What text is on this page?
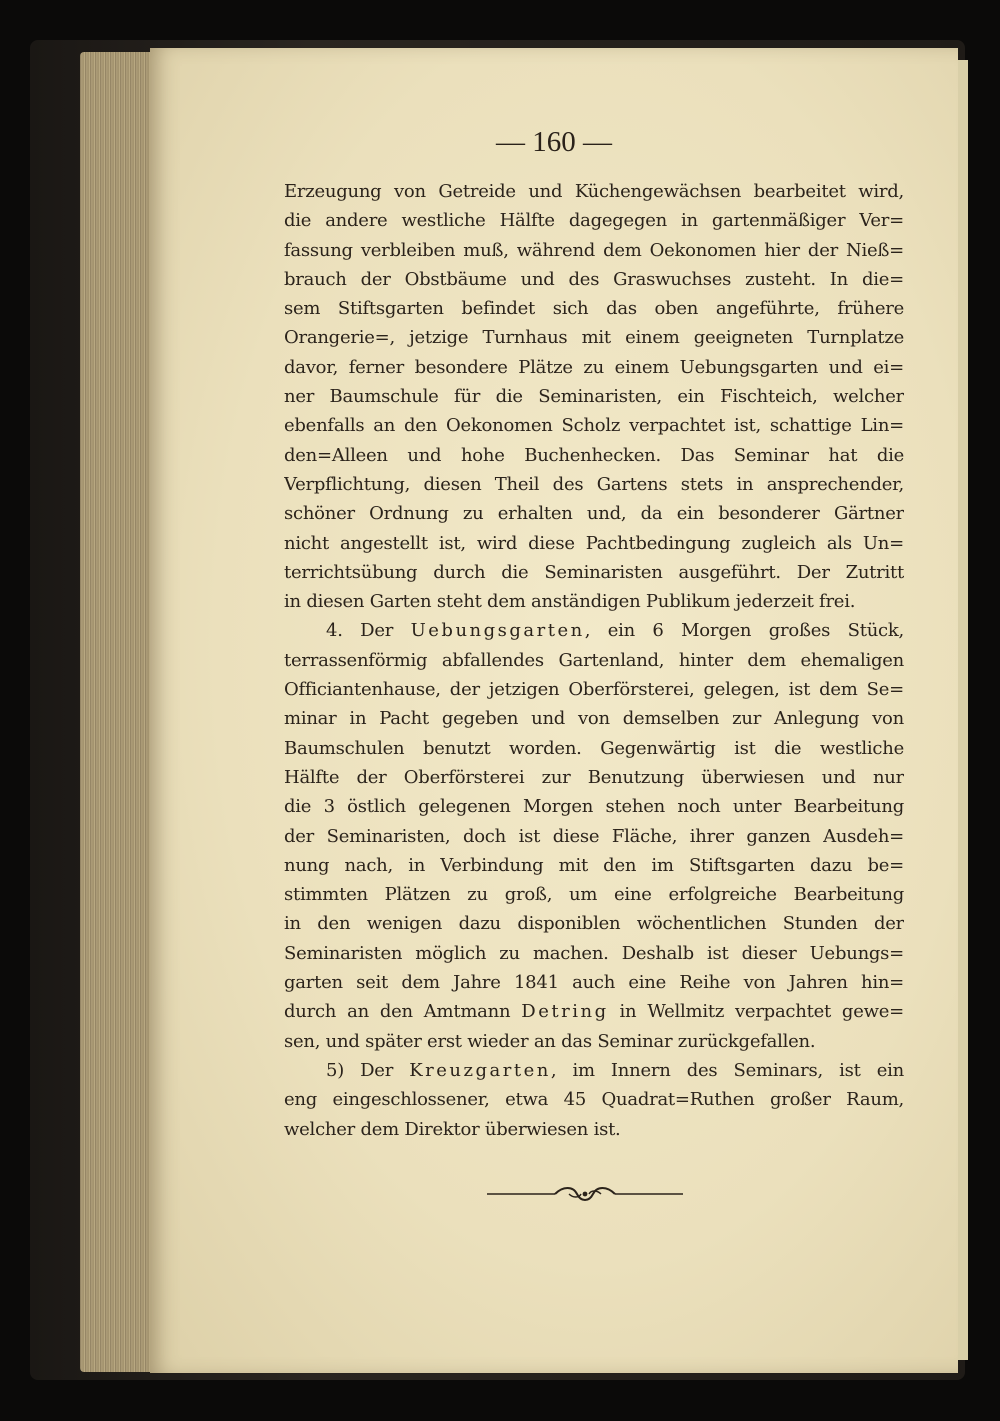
— 160 —

Erzeugung von Getreide und Küchengewächsen bearbeitet wird,
die andere westliche Hälfte dagegegen in gartenmäßiger Ver=
fassung verbleiben muß, während dem Oekonomen hier der Nieß=
brauch der Obstbäume und des Graswuchses zusteht. In die=
sem Stiftsgarten befindet sich das oben angeführte, frühere
Orangerie=, jetzige Turnhaus mit einem geeigneten Turnplatze
davor, ferner besondere Plätze zu einem Uebungsgarten und ei=
ner Baumschule für die Seminaristen, ein Fischteich, welcher
ebenfalls an den Oekonomen Scholz verpachtet ist, schattige Lin=
den=Alleen und hohe Buchenhecken. Das Seminar hat die
Verpflichtung, diesen Theil des Gartens stets in ansprechender,
schöner Ordnung zu erhalten und, da ein besonderer Gärtner
nicht angestellt ist, wird diese Pachtbedingung zugleich als Un=
terrichtsübung durch die Seminaristen ausgeführt. Der Zutritt
in diesen Garten steht dem anständigen Publikum jederzeit frei.
4. Der Uebungsgarten, ein 6 Morgen großes Stück,
terrassenförmig abfallendes Gartenland, hinter dem ehemaligen
Officiantenhause, der jetzigen Oberförsterei, gelegen, ist dem Se=
minar in Pacht gegeben und von demselben zur Anlegung von
Baumschulen benutzt worden. Gegenwärtig ist die westliche
Hälfte der Oberförsterei zur Benutzung überwiesen und nur
die 3 östlich gelegenen Morgen stehen noch unter Bearbeitung
der Seminaristen, doch ist diese Fläche, ihrer ganzen Ausdeh=
nung nach, in Verbindung mit den im Stiftsgarten dazu be=
stimmten Plätzen zu groß, um eine erfolgreiche Bearbeitung
in den wenigen dazu disponiblen wöchentlichen Stunden der
Seminaristen möglich zu machen. Deshalb ist dieser Uebungs=
garten seit dem Jahre 1841 auch eine Reihe von Jahren hin=
durch an den Amtmann Detring in Wellmitz verpachtet gewe=
sen, und später erst wieder an das Seminar zurückgefallen.
5) Der Kreuzgarten, im Innern des Seminars, ist ein
eng eingeschlossener, etwa 45 Quadrat=Ruthen großer Raum,
welcher dem Direktor überwiesen ist.
